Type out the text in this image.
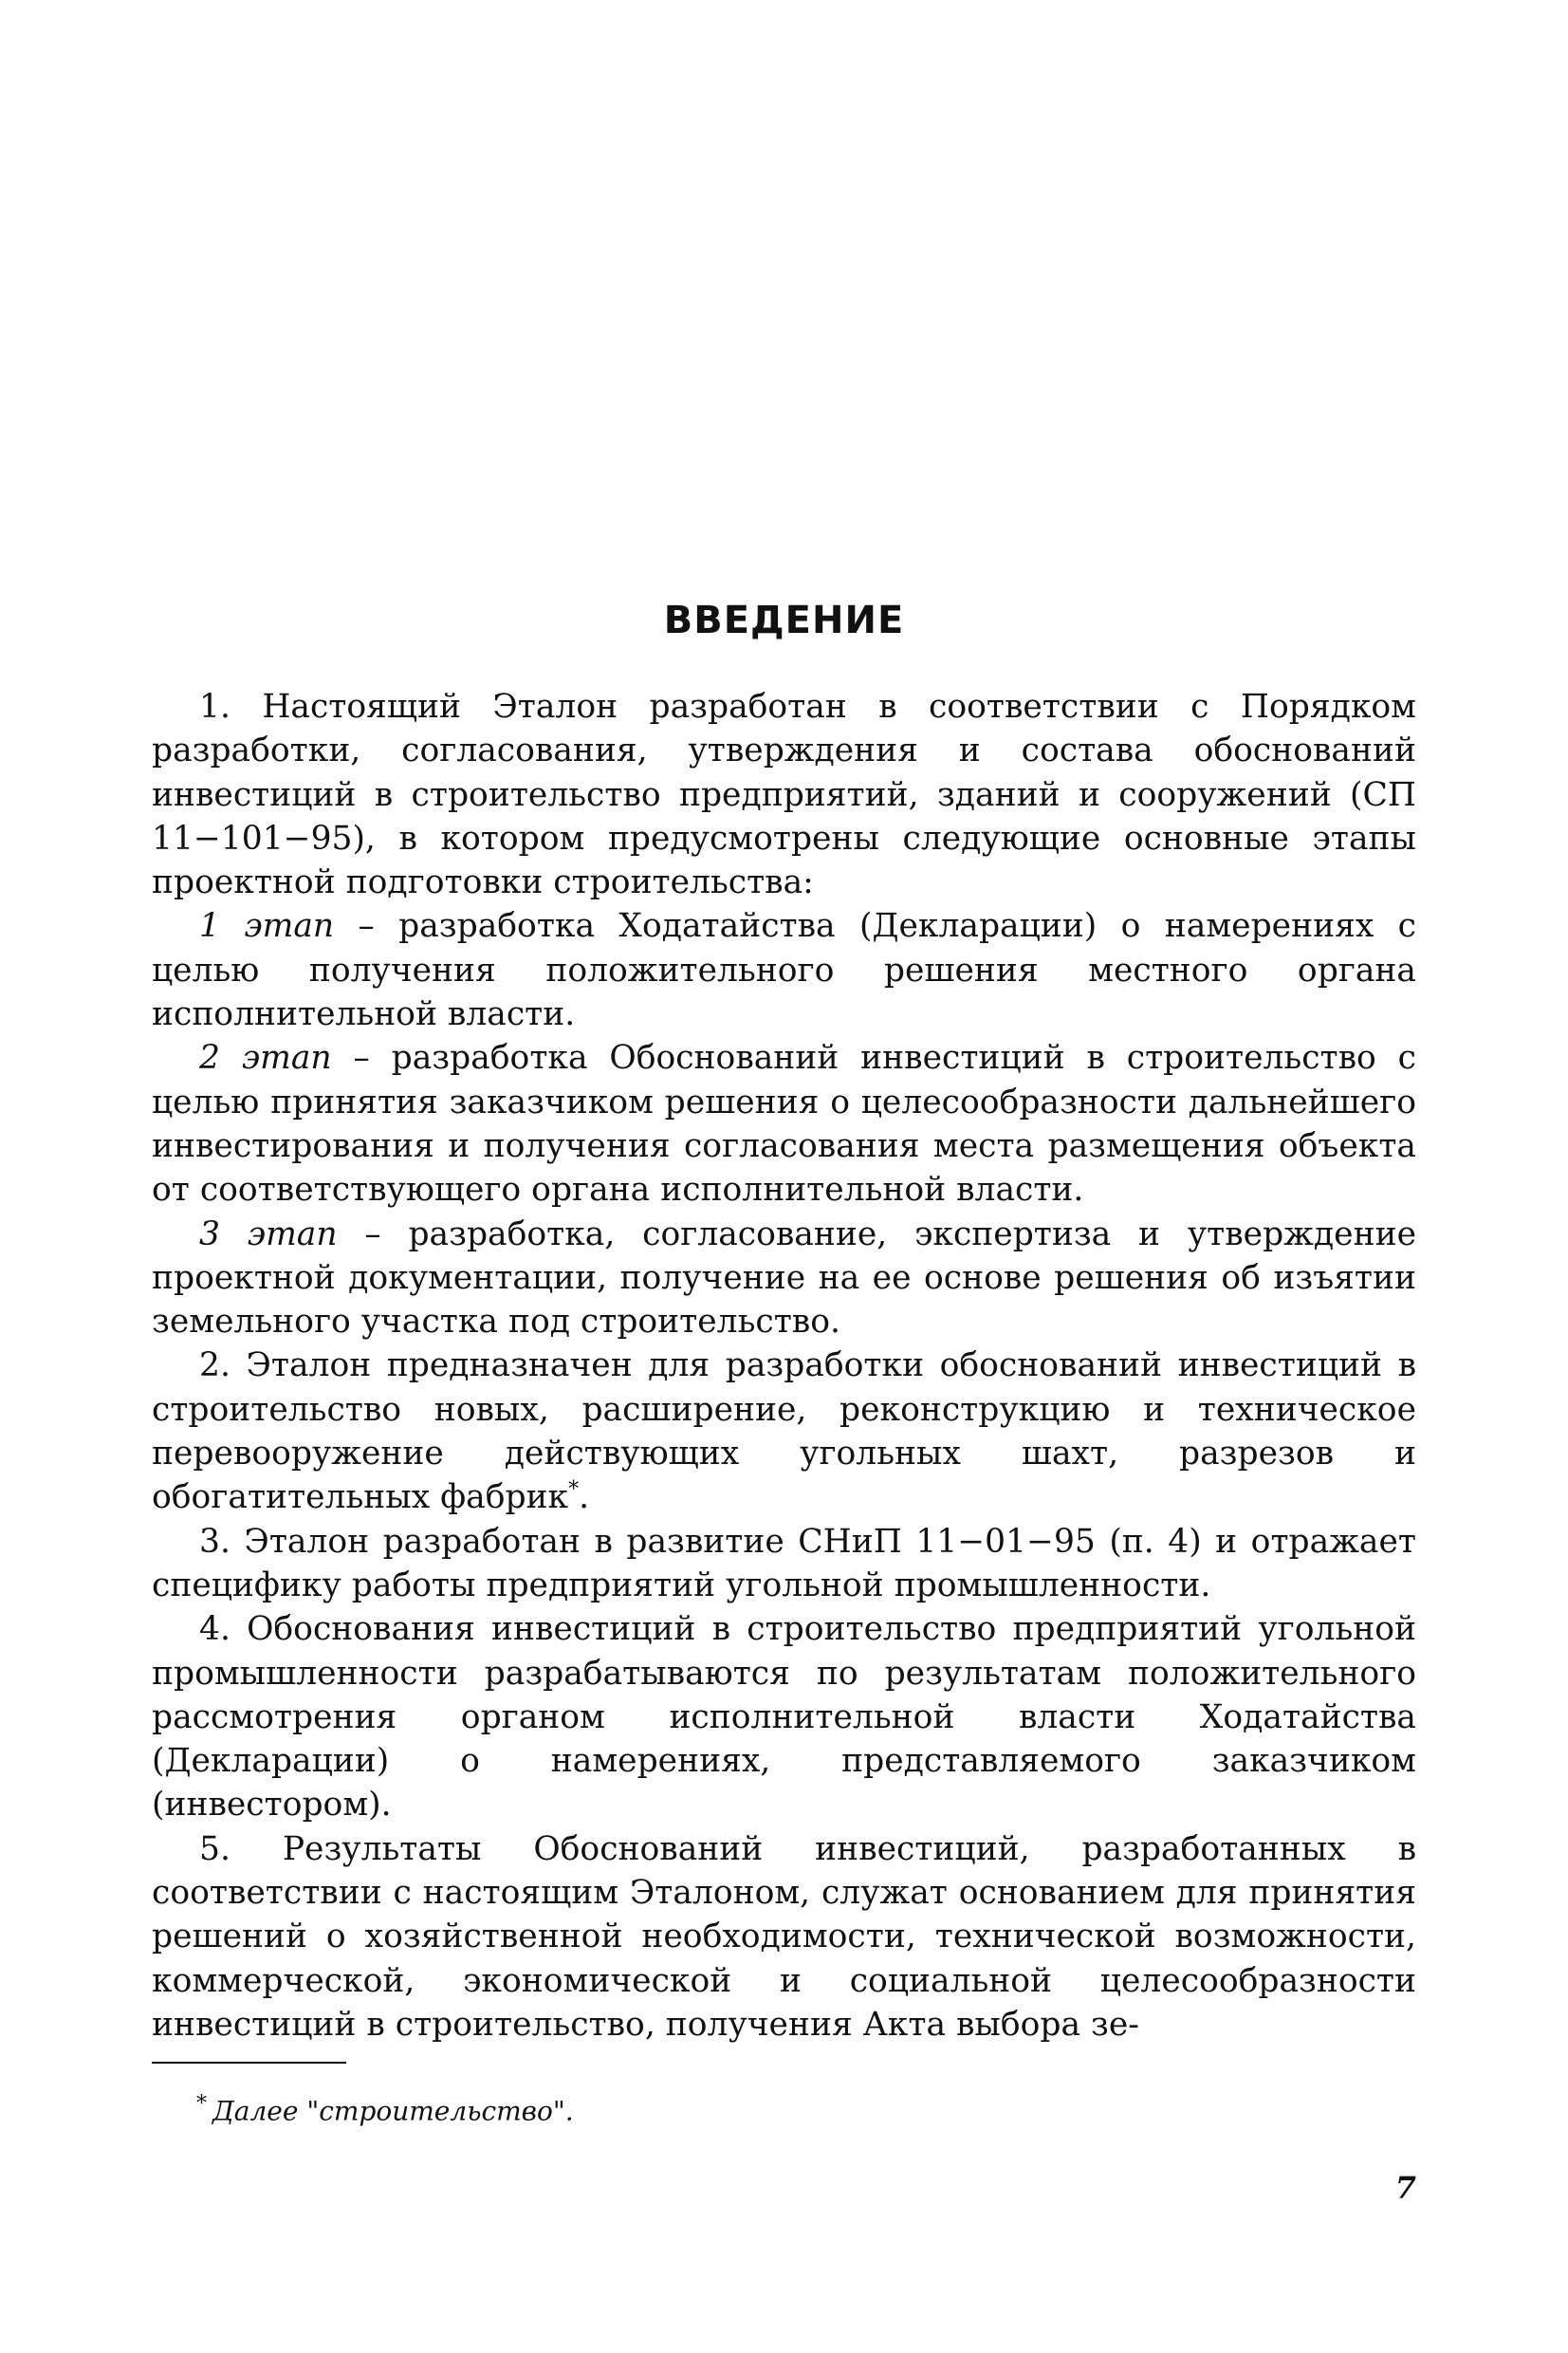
ВВЕДЕНИЕ

1. Настоящий Эталон разработан в соответствии с Порядком разработки, согласования, утверждения и состава обоснований инвестиций в строительство предприятий, зданий и сооружений (СП 11−101−95), в котором предусмотрены следующие основные этапы проектной подготовки строительства:

1 этап – разработка Ходатайства (Декларации) о намерениях с целью получения положительного решения местного органа исполнительной власти.

2 этап – разработка Обоснований инвестиций в строительство с целью принятия заказчиком решения о целесообразности дальнейшего инвестирования и получения согласования места размещения объекта от соответствующего органа исполнительной власти.

3 этап – разработка, согласование, экспертиза и утверждение проектной документации, получение на ее основе решения об изъятии земельного участка под строительство.

2. Эталон предназначен для разработки обоснований инвестиций в строительство новых, расширение, реконструкцию и техническое перевооружение действующих угольных шахт, разрезов и обогатительных фабрик*.

3. Эталон разработан в развитие СНиП 11−01−95 (п. 4) и отражает специфику работы предприятий угольной промышленности.

4. Обоснования инвестиций в строительство предприятий угольной промышленности разрабатываются по результатам положительного рассмотрения органом исполнительной власти Ходатайства (Декларации) о намерениях, представляемого заказчиком (инвестором).

5. Результаты Обоснований инвестиций, разработанных в соответствии с настоящим Эталоном, служат основанием для принятия решений о хозяйственной необходимости, технической возможности, коммерческой, экономической и социальной целесообразности инвестиций в строительство, получения Акта выбора зе-

* Далее "строительство".
7
